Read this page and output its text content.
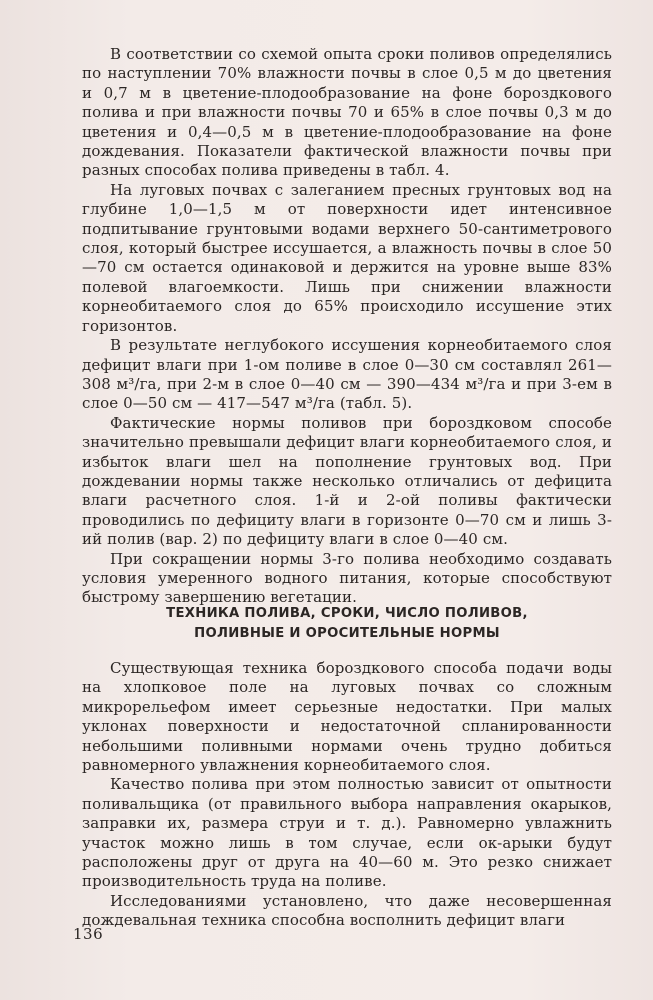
В соответствии со схемой опыта сроки поливов определялись по наступлении 70% влажности почвы в слое 0,5 м до цветения и 0,7 м в цветение-плодообразование на фоне бороздкового полива и при влажности почвы 70 и 65% в слое почвы 0,3 м до цветения и 0,4—0,5 м в цветение-плодообразование на фоне дождевания. Показатели фактической влажности почвы при разных способах полива приведены в табл. 4.

На луговых почвах с залеганием пресных грунтовых вод на глубине 1,0—1,5 м от поверхности идет интенсивное подпитывание грунтовыми водами верхнего 50-сантиметрового слоя, который быстрее иссушается, а влажность почвы в слое 50—70 см остается одинаковой и держится на уровне выше 83% полевой влагоемкости. Лишь при снижении влажности корнеобитаемого слоя до 65% происходило иссушение этих горизонтов.

В результате неглубокого иссушения корнеобитаемого слоя дефицит влаги при 1-ом поливе в слое 0—30 см составлял 261—308 м³/га, при 2-м в слое 0—40 см — 390—434 м³/га и при 3-ем в слое 0—50 см — 417—547 м³/га (табл. 5).

Фактические нормы поливов при бороздковом способе значительно превышали дефицит влаги корнеобитаемого слоя, и избыток влаги шел на пополнение грунтовых вод. При дождевании нормы также несколько отличались от дефицита влаги расчетного слоя. 1-й и 2-ой поливы фактически проводились по дефициту влаги в горизонте 0—70 см и лишь 3-ий полив (вар. 2) по дефициту влаги в слое 0—40 см.

При сокращении нормы 3-го полива необходимо создавать условия умеренного водного питания, которые способствуют быстрому завершению вегетации.

ТЕХНИКА ПОЛИВА, СРОКИ, ЧИСЛО ПОЛИВОВ,
ПОЛИВНЫЕ И ОРОСИТЕЛЬНЫЕ НОРМЫ

Существующая техника бороздкового способа подачи воды на хлопковое поле на луговых почвах со сложным микрорельефом имеет серьезные недостатки. При малых уклонах поверхности и недостаточной спланированности небольшими поливными нормами очень трудно добиться равномерного увлажнения корнеобитаемого слоя.

Качество полива при этом полностью зависит от опытности поливальщика (от правильного выбора направления окарыков, заправки их, размера струи и т. д.). Равномерно увлажнить участок можно лишь в том случае, если ок-арыки будут расположены друг от друга на 40—60 м. Это резко снижает производительность труда на поливе.

Исследованиями установлено, что даже несовершенная дождевальная техника способна восполнить дефицит влаги

136
